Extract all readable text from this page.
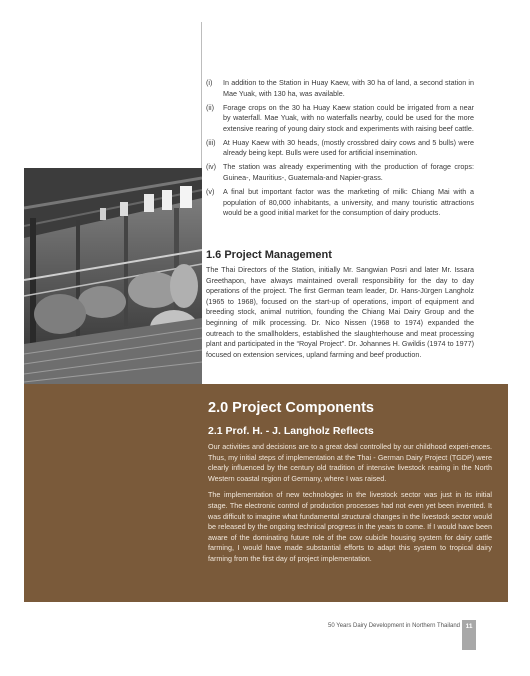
(i)	In addition to the Station in Huay Kaew, with 30 ha of land, a second station in Mae Yuak, with 130 ha, was available.
(ii)	Forage crops on the 30 ha Huay Kaew station could be irrigated from a near by waterfall. Mae Yuak, with no waterfalls nearby, could be used for the more extensive rearing of young dairy stock and experiments with raising beef cattle.
(iii)	At Huay Kaew with 30 heads, (mostly crossbred dairy cows and 5 bulls) were already being kept. Bulls were used for artificial insemination.
(iv) The station was already experimenting with the production of forage crops: Guinea-, Mauritius-, Guatemala-and Napier-grass.
(v)	A final but important factor was the marketing of milk: Chiang Mai with a population of 80,000 inhabitants, a university, and many touristic attractions would be a good initial market for the consumption of dairy products.
1.6 Project Management

The Thai Directors of the Station, initially Mr. Sangwian Posri and later Mr. Issara Greethapon, have always maintained overall responsibility for the day to day operations of the project. The first German team leader, Dr. Hans-Jürgen Langholz (1965 to 1968), focused on the start-up of operations, import of equipment and breeding stock, animal nutrition, founding the Chiang Mai Dairy Group and the beginning of milk processing. Dr. Nico Nissen (1968 to 1974) expanded the outreach to the smallholders, established the slaughterhouse and meat processing plant and participated in the “Royal Project”. Dr. Johannes H. Gwildis (1974 to 1977) focused on extension services, upland farming and beef production.

2.0 Project Components
2.1 Prof. H. - J. Langholz Reflects

Our activities and decisions are to a great deal controlled by our childhood experi-ences. Thus, my initial steps of implementation at the Thai - German Dairy Project (TGDP) were clearly influenced by the century old tradition of intensive livestock rearing in the North Western coastal region of Germany, where I was raised.

The implementation of new technologies in the livestock sector was just in its initial stage. The electronic control of production processes had not even yet been invented. It was difficult to imagine what fundamental structural changes in the livestock sector would be released by the ongoing technical progress in the years to come. If I would have been aware of the dominating future role of the cow cubicle housing system for dairy cattle farming, I would have made substantial efforts to adapt this system to tropical dairy farming from the first day of project implementation.

50 Years Dairy Development in Northern Thailand 11
